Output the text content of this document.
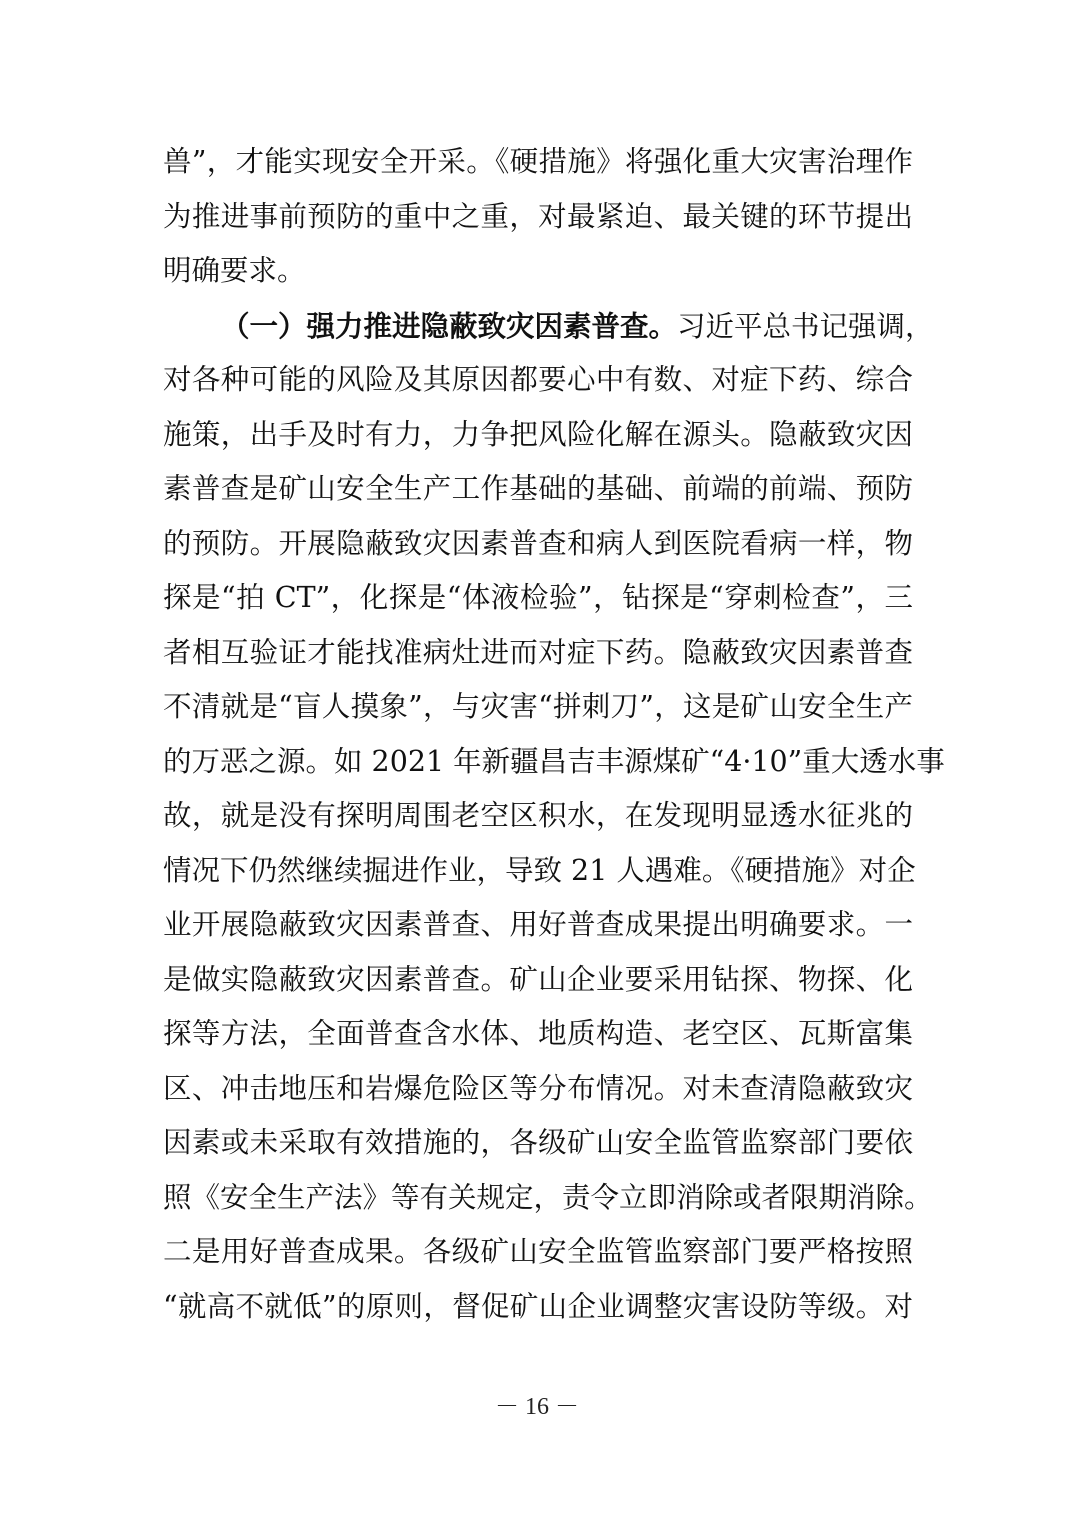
兽”，才能实现安全开采。《硬措施》将强化重大灾害治理作
为推进事前预防的重中之重，对最紧迫、最关键的环节提出
明确要求。
（一）强力推进隐蔽致灾因素普查。习近平总书记强调，
对各种可能的风险及其原因都要心中有数、对症下药、综合
施策，出手及时有力，力争把风险化解在源头。隐蔽致灾因
素普查是矿山安全生产工作基础的基础、前端的前端、预防
的预防。开展隐蔽致灾因素普查和病人到医院看病一样，物
探是“拍 CT”，化探是“体液检验”，钻探是“穿刺检查”，三
者相互验证才能找准病灶进而对症下药。隐蔽致灾因素普查
不清就是“盲人摸象”，与灾害“拼刺刀”，这是矿山安全生产
的万恶之源。如 2021 年新疆昌吉丰源煤矿“4·10”重大透水事
故，就是没有探明周围老空区积水，在发现明显透水征兆的
情况下仍然继续掘进作业，导致 21 人遇难。《硬措施》对企
业开展隐蔽致灾因素普查、用好普查成果提出明确要求。一
是做实隐蔽致灾因素普查。矿山企业要采用钻探、物探、化
探等方法，全面普查含水体、地质构造、老空区、瓦斯富集
区、冲击地压和岩爆危险区等分布情况。对未查清隐蔽致灾
因素或未采取有效措施的，各级矿山安全监管监察部门要依
照《安全生产法》等有关规定，责令立即消除或者限期消除。
二是用好普查成果。各级矿山安全监管监察部门要严格按照
“就高不就低”的原则，督促矿山企业调整灾害设防等级。对
－ 16 －
